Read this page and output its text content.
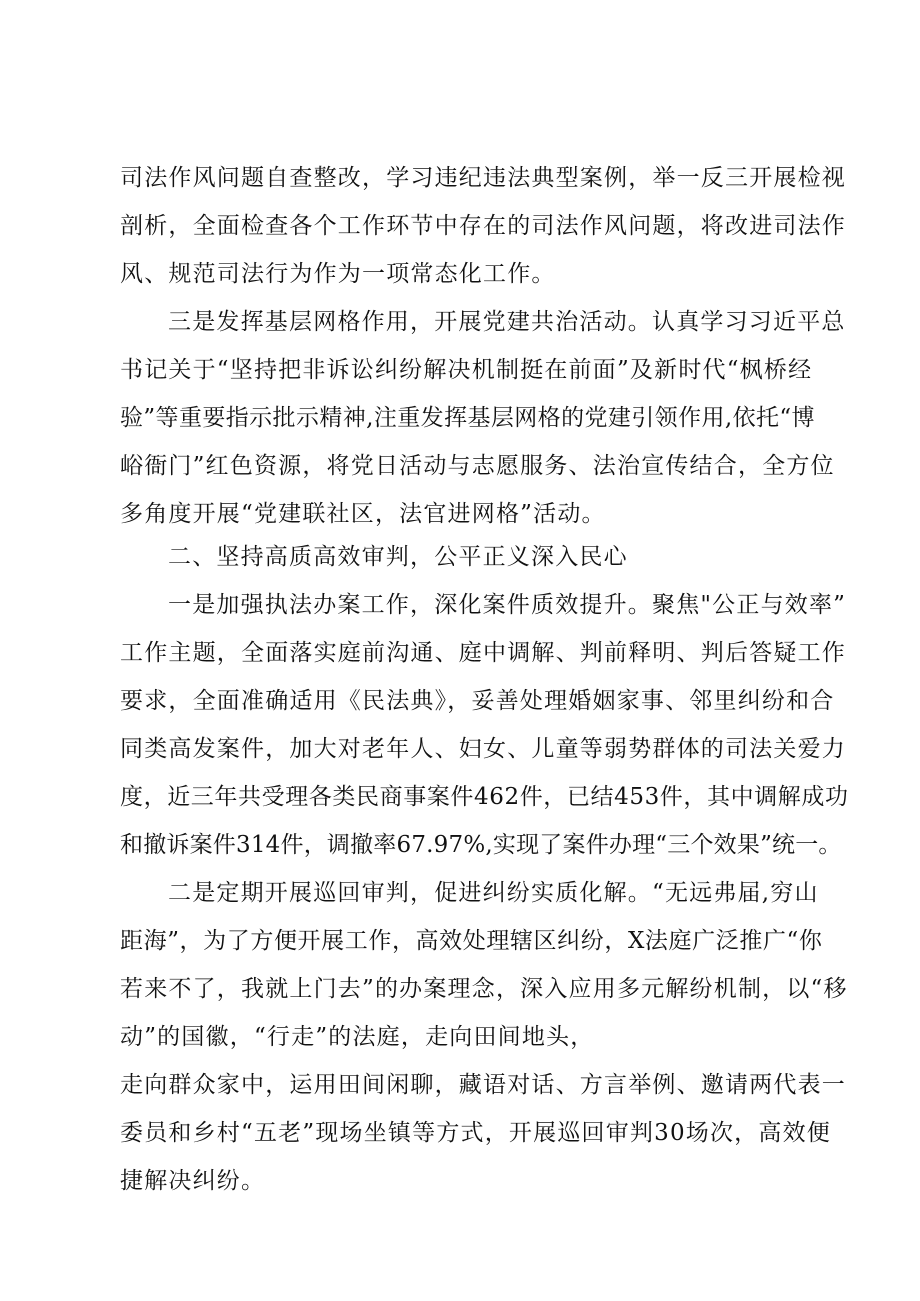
司法作风问题自查整改，学习违纪违法典型案例，举一反三开展检视
剖析，全面检查各个工作环节中存在的司法作风问题，将改进司法作
风、规范司法行为作为一项常态化工作。
三是发挥基层网格作用，开展党建共治活动。认真学习习近平总
书记关于“坚持把非诉讼纠纷解决机制挺在前面”及新时代“枫桥经
验”等重要指示批示精神,注重发挥基层网格的党建引领作用,依托“博
峪衙门”红色资源，将党日活动与志愿服务、法治宣传结合，全方位
多角度开展“党建联社区，法官进网格”活动。
二、坚持高质高效审判，公平正义深入民心
一是加强执法办案工作，深化案件质效提升。聚焦"公正与效率”
工作主题，全面落实庭前沟通、庭中调解、判前释明、判后答疑工作
要求，全面准确适用《民法典》，妥善处理婚姻家事、邻里纠纷和合
同类高发案件，加大对老年人、妇女、儿童等弱势群体的司法关爱力
度，近三年共受理各类民商事案件462件，已结453件，其中调解成功
和撤诉案件314件，调撤率67.97%,实现了案件办理“三个效果”统一。
二是定期开展巡回审判，促进纠纷实质化解。“无远弗届,穷山
距海”，为了方便开展工作，高效处理辖区纠纷，X法庭广泛推广“你
若来不了，我就上门去”的办案理念，深入应用多元解纷机制，以“移
动”的国徽，“行走”的法庭，走向田间地头，
走向群众家中，运用田间闲聊，藏语对话、方言举例、邀请两代表一
委员和乡村“五老”现场坐镇等方式，开展巡回审判30场次，高效便
捷解决纠纷。
